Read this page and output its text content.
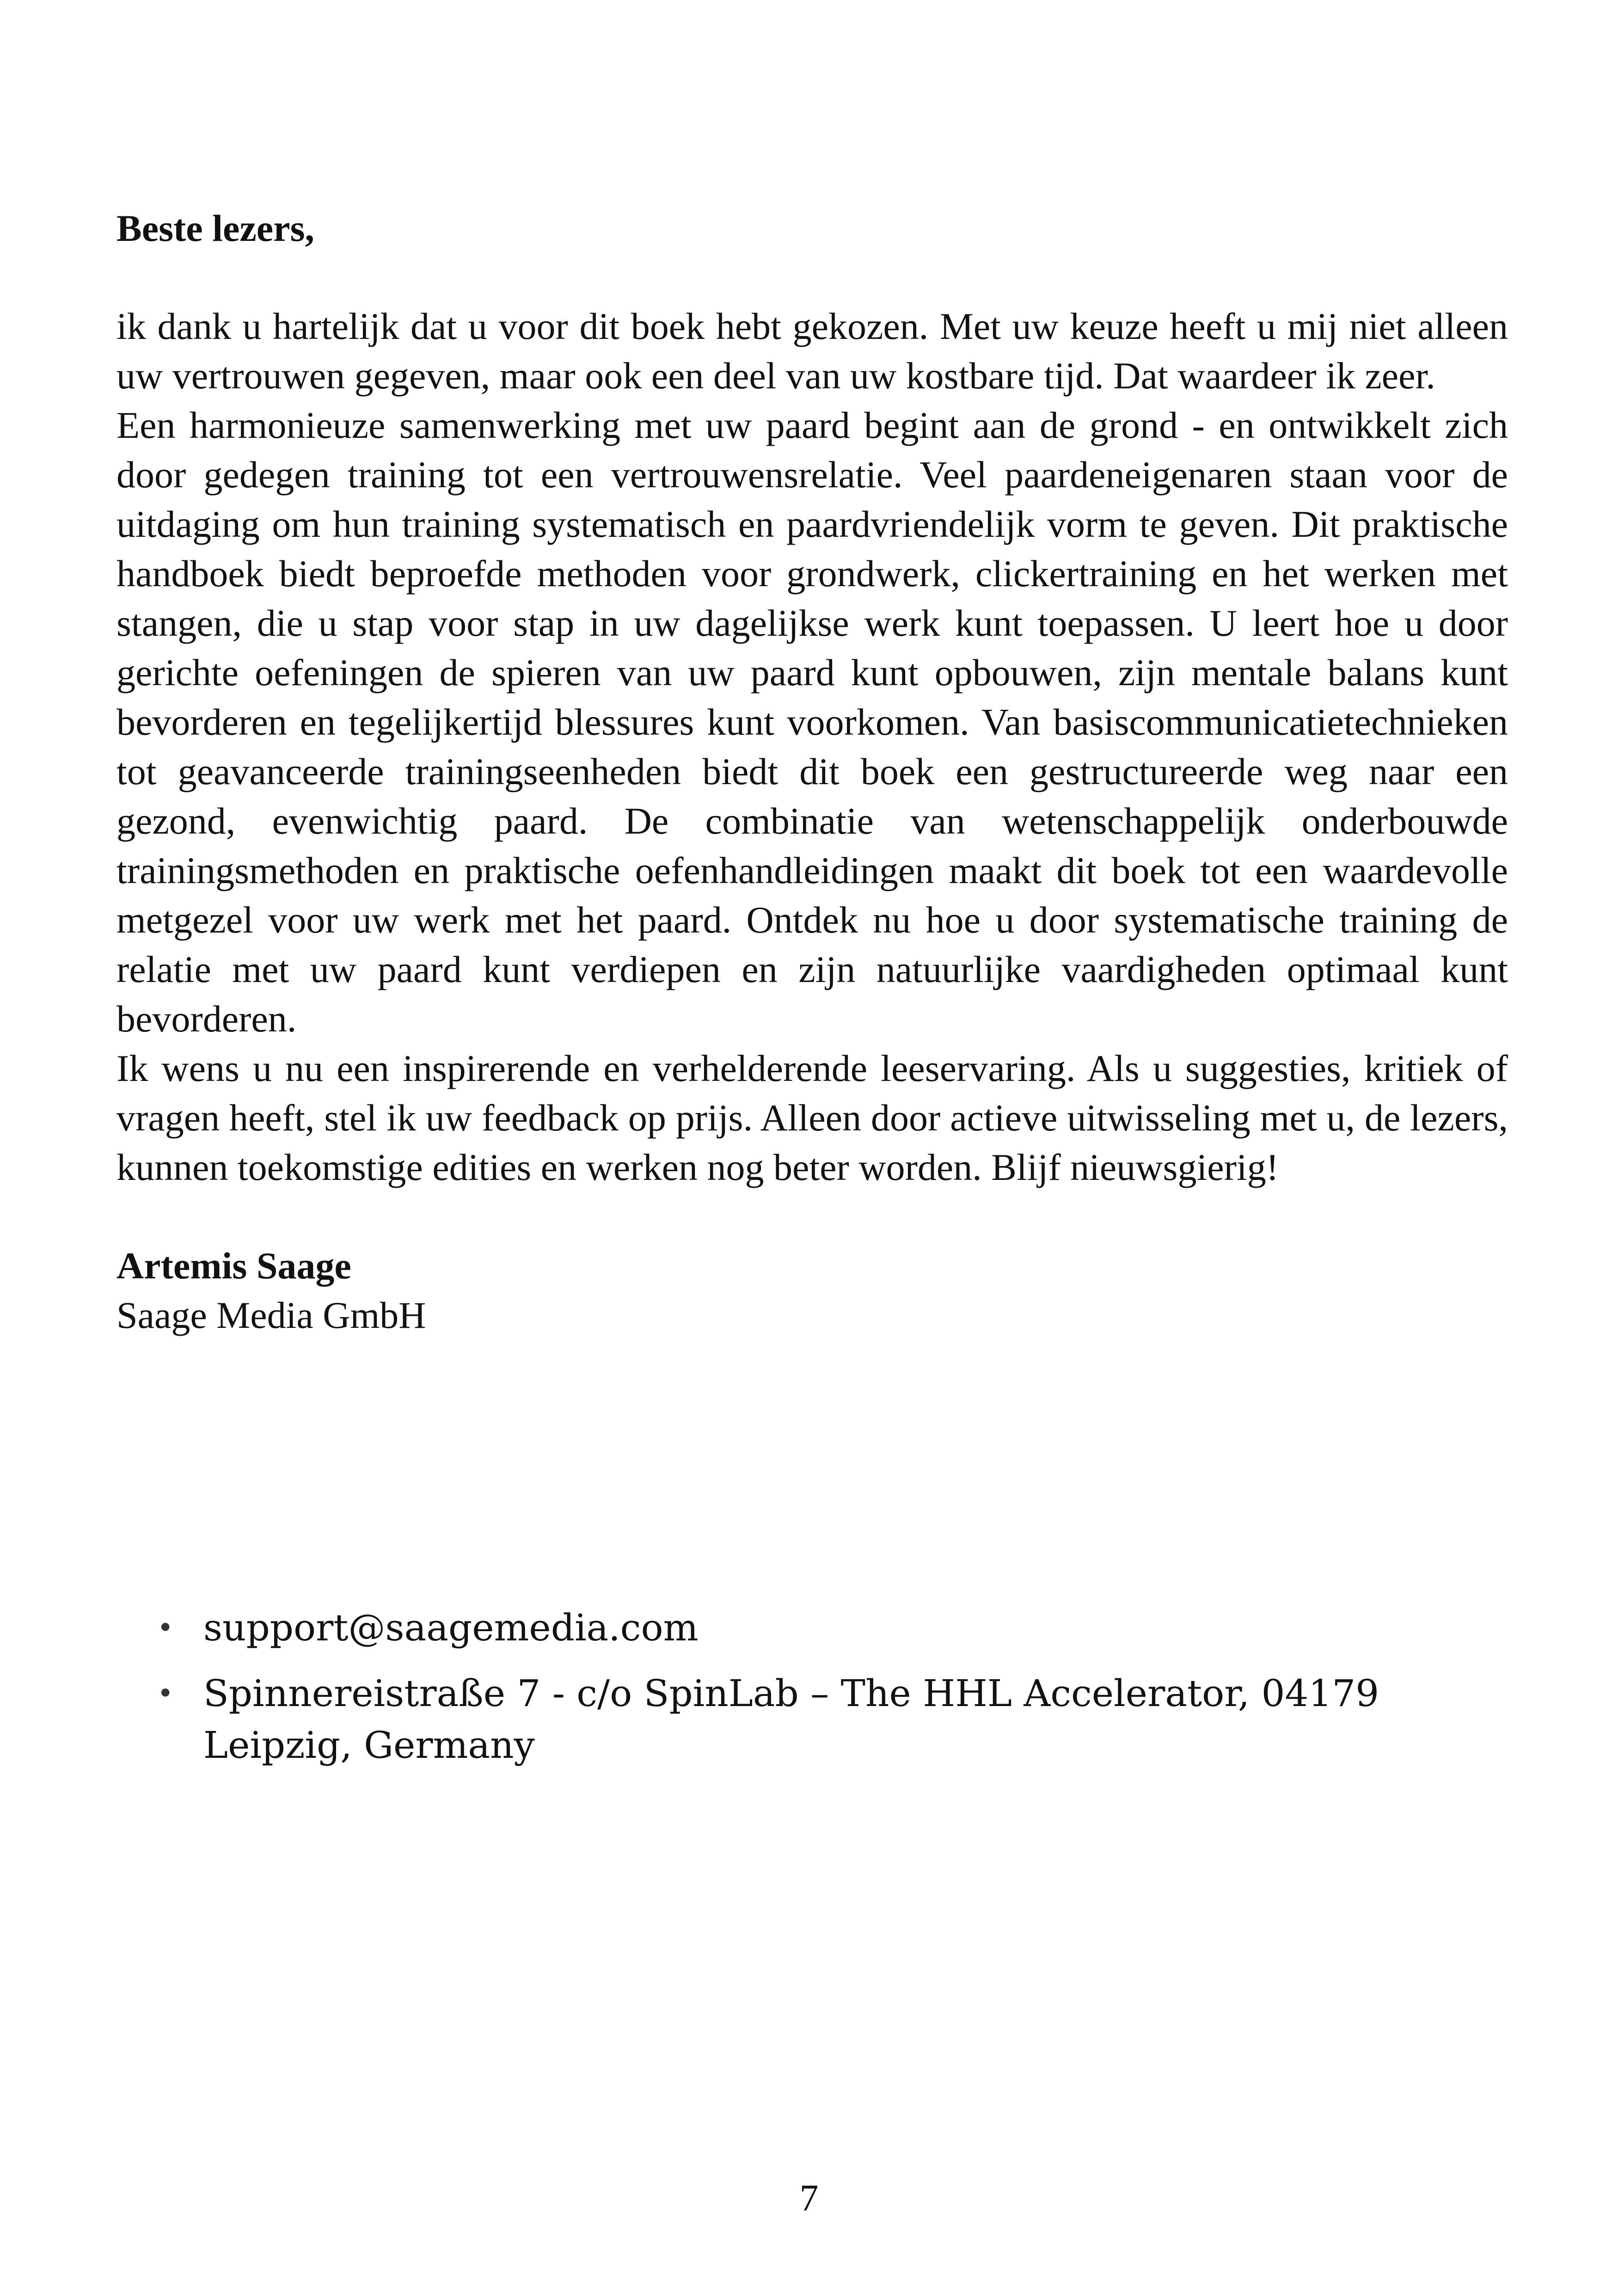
Beste lezers,

ik dank u hartelijk dat u voor dit boek hebt gekozen. Met uw keuze heeft u mij niet alleen uw vertrouwen gegeven, maar ook een deel van uw kostbare tijd. Dat waardeer ik zeer.

Een harmonieuze samenwerking met uw paard begint aan de grond - en ontwikkelt zich door gedegen training tot een vertrouwensrelatie. Veel paardeneigenaren staan voor de uitdaging om hun training systematisch en paardvriendelijk vorm te geven. Dit praktische handboek biedt beproefde methoden voor grondwerk, clickertraining en het werken met stangen, die u stap voor stap in uw dagelijkse werk kunt toepassen. U leert hoe u door gerichte oefeningen de spieren van uw paard kunt opbouwen, zijn mentale balans kunt bevorderen en tegelijkertijd blessures kunt voorkomen. Van basiscommunicatietechnieken tot geavanceerde trainingseenheden biedt dit boek een gestructureerde weg naar een gezond, evenwichtig paard. De combinatie van wetenschappelijk onderbouwde trainingsmethoden en praktische oefenhandleidingen maakt dit boek tot een waardevolle metgezel voor uw werk met het paard. Ontdek nu hoe u door systematische training de relatie met uw paard kunt verdiepen en zijn natuurlijke vaardigheden optimaal kunt bevorderen.

Ik wens u nu een inspirerende en verhelderende leeservaring. Als u suggesties, kritiek of vragen heeft, stel ik uw feedback op prijs. Alleen door actieve uitwisseling met u, de lezers, kunnen toekomstige edities en werken nog beter worden. Blijf nieuwsgierig!

Artemis Saage

Saage Media GmbH

• support@saagemedia.com
• Spinnereistraße 7 - c/o SpinLab – The HHL Accelerator, 04179 Leipzig, Germany
7
